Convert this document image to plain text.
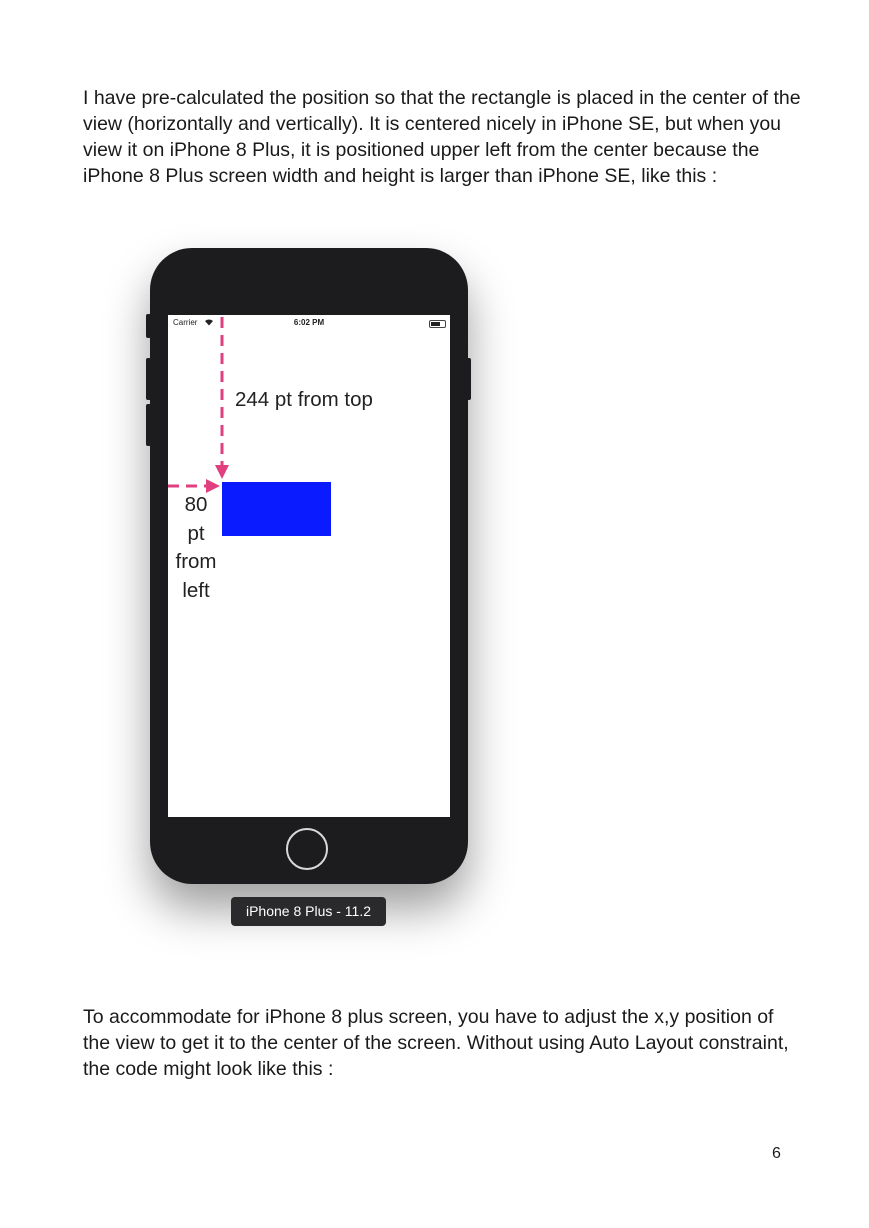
I have pre-calculated the position so that the rectangle is placed in the center of the view (horizontally and vertically). It is centered nicely in iPhone SE, but when you view it on iPhone 8 Plus, it is positioned upper left from the center because the iPhone 8 Plus screen width and height is larger than iPhone SE, like this :

Carrier	6:02 PM
244 pt from top
80
pt
from
left
iPhone 8 Plus - 11.2

To accommodate for iPhone 8 plus screen, you have to adjust the x,y position of the view to get it to the center of the screen. Without using Auto Layout constraint, the code might look like this :

6
